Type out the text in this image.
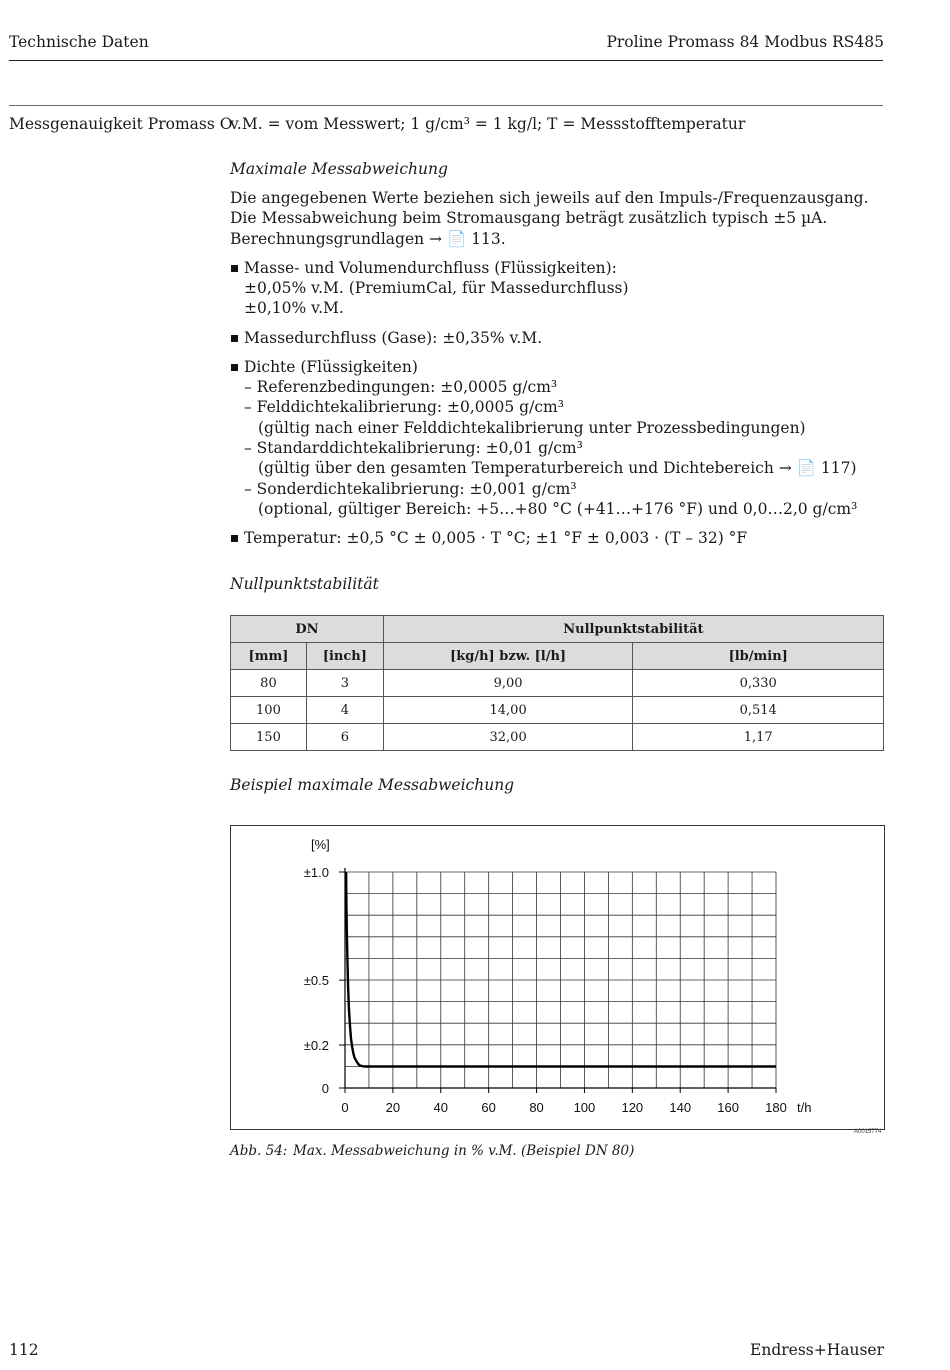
Technische Daten	Proline Promass 84 Modbus RS485
Messgenauigkeit Promass O
v.M. = vom Messwert; 1 g/cm³ = 1 kg/l; T = Messstofftemperatur
Maximale Messabweichung
Die angegebenen Werte beziehen sich jeweils auf den Impuls-/Frequenzausgang.
Die Messabweichung beim Stromausgang beträgt zusätzlich typisch ±5 µA.
Berechnungsgrundlagen → 📄 113.
Masse- und Volumendurchfluss (Flüssigkeiten):
±0,05% v.M. (PremiumCal, für Massedurchfluss)
±0,10% v.M.
Massedurchfluss (Gase): ±0,35% v.M.
Dichte (Flüssigkeiten)
– Referenzbedingungen: ±0,0005 g/cm³
– Felddichtekalibrierung: ±0,0005 g/cm³
(gültig nach einer Felddichtekalibrierung unter Prozessbedingungen)
– Standarddichtekalibrierung: ±0,01 g/cm³
(gültig über den gesamten Temperaturbereich und Dichtebereich → 📄 117)
– Sonderdichtekalibrierung: ±0,001 g/cm³
(optional, gültiger Bereich: +5…+80 °C (+41…+176 °F) und 0,0…2,0 g/cm³
Temperatur: ±0,5 °C ± 0,005 · T °C; ±1 °F ± 0,003 · (T – 32) °F
Nullpunktstabilität
DN		Nullpunktstabilität	
[mm]	[inch]	[kg/h] bzw. [l/h]	[lb/min]
80	3	9,00	0,330
100	4	14,00	0,514
150	6	32,00	1,17
Beispiel maximale Messabweichung
0	20	40	60	80 100 120 140 160 180
±1.0
±0.5
±0.2
0
[%]
t/h
A0015774
Abb. 54: Max. Messabweichung in % v.M. (Beispiel DN 80)
112	Endress+Hauser
